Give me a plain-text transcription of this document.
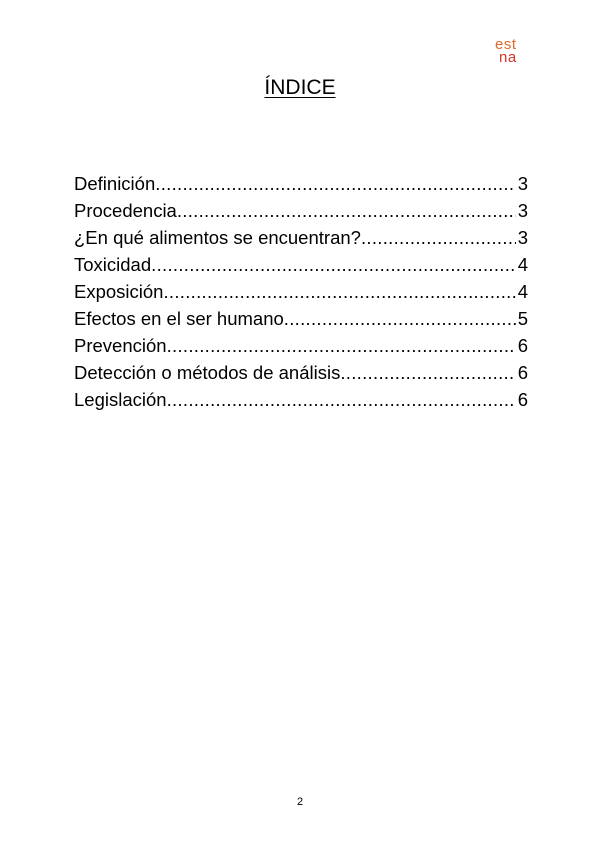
est
na
ÍNDICE
Definición .....	3
Procedencia .....	3
¿En qué alimentos se encuentran? .....	3
Toxicidad .....	4
Exposición .....	4
Efectos en el ser humano .....	5
Prevención .....	6
Detección o métodos de análisis .....	6
Legislación .....	6
2
